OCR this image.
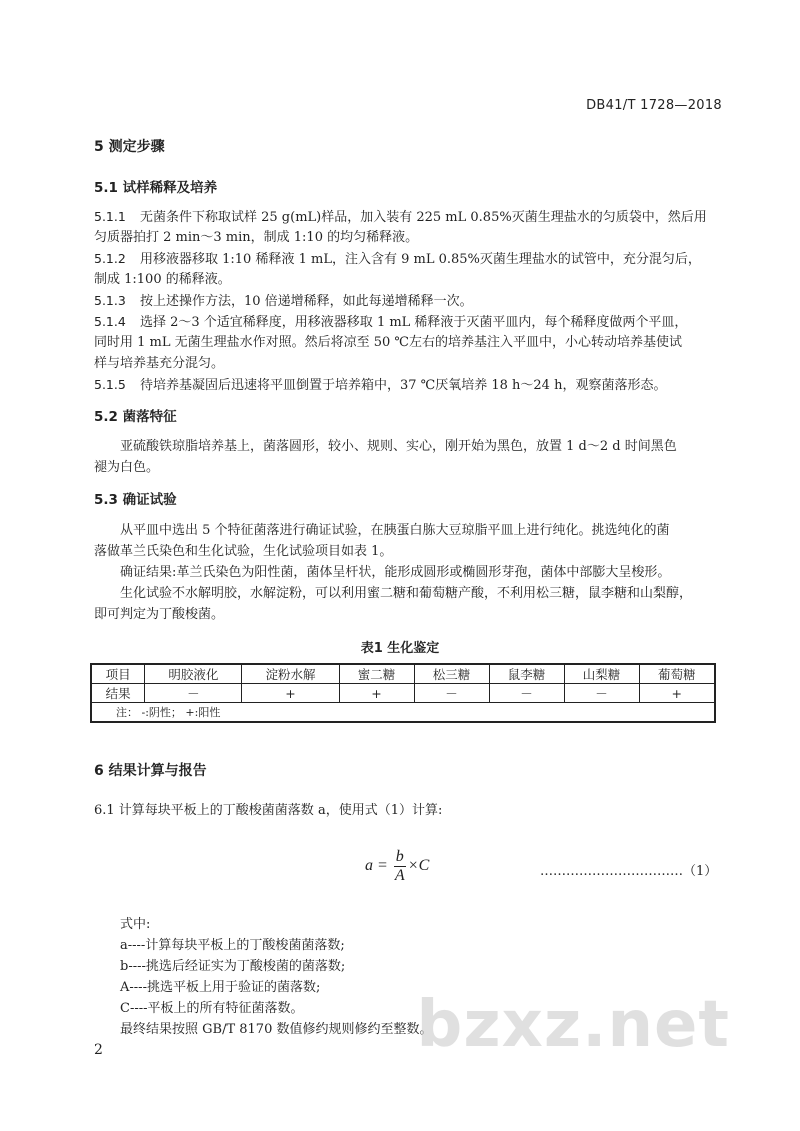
DB41/T 1728—2018
5 测定步骤
5.1 试样稀释及培养
5.1.1 无菌条件下称取试样 25 g(mL)样品，加入装有 225 mL 0.85%灭菌生理盐水的匀质袋中，然后用
匀质器拍打 2 min～3 min，制成 1:10 的均匀稀释液。
5.1.2 用移液器移取 1:10 稀释液 1 mL，注入含有 9 mL 0.85%灭菌生理盐水的试管中，充分混匀后，
制成 1:100 的稀释液。
5.1.3 按上述操作方法，10 倍递增稀释，如此每递增稀释一次。
5.1.4 选择 2～3 个适宜稀释度，用移液器移取 1 mL 稀释液于灭菌平皿内，每个稀释度做两个平皿，
同时用 1 mL 无菌生理盐水作对照。然后将凉至 50 ℃左右的培养基注入平皿中，小心转动培养基使试
样与培养基充分混匀。
5.1.5 待培养基凝固后迅速将平皿倒置于培养箱中，37 ℃厌氧培养 18 h～24 h，观察菌落形态。
5.2 菌落特征
亚硫酸铁琼脂培养基上，菌落圆形，较小、规则、实心，刚开始为黑色，放置 1 d～2 d 时间黑色
褪为白色。
5.3 确证试验
从平皿中选出 5 个特征菌落进行确证试验，在胰蛋白胨大豆琼脂平皿上进行纯化。挑选纯化的菌
落做革兰氏染色和生化试验，生化试验项目如表 1。
确证结果:革兰氏染色为阳性菌，菌体呈杆状，能形成圆形或椭圆形芽孢，菌体中部膨大呈梭形。
生化试验不水解明胶，水解淀粉，可以利用蜜二糖和葡萄糖产酸，不利用松三糖，鼠李糖和山梨醇，
即可判定为丁酸梭菌。
表1 生化鉴定
项目	明胶液化	淀粉水解	蜜二糖	松三糖	鼠李糖	山梨糖	葡萄糖
结果	－	+	+	－	－	－	+
注： -:阴性； +:阳性							
6 结果计算与报告
6.1 计算每块平板上的丁酸梭菌菌落数 a，使用式（1）计算:
$a = \frac{b}{A} \times C$	……………………………（1）
式中:
a----计算每块平板上的丁酸梭菌菌落数;
b----挑选后经证实为丁酸梭菌的菌落数;
A----挑选平板上用于验证的菌落数;
C----平板上的所有特征菌落数。
最终结果按照 GB/T 8170 数值修约规则修约至整数。
bzxz.net
2
